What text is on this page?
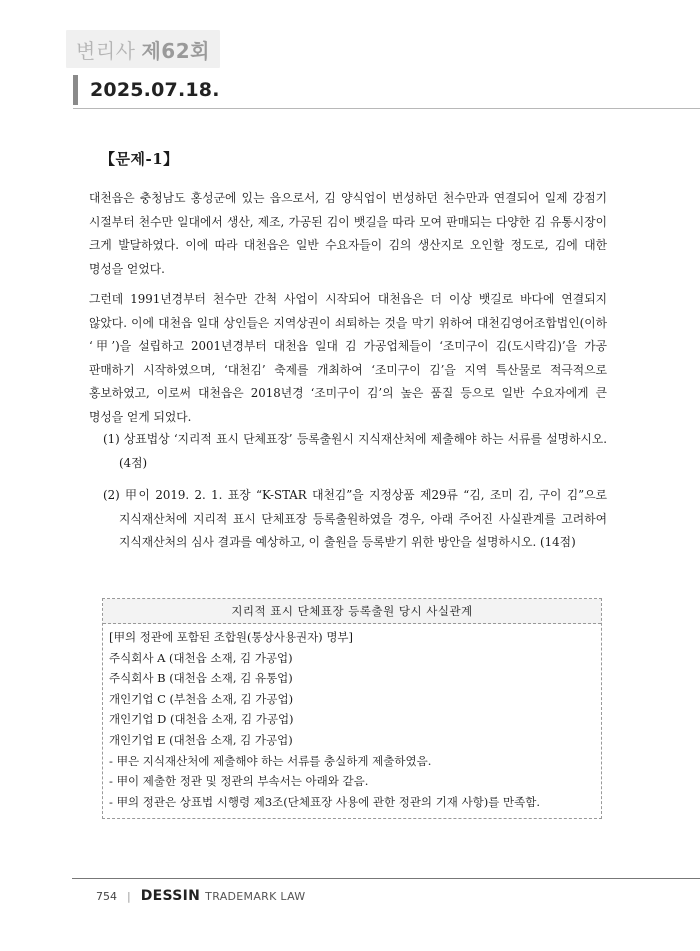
변리사 제62회
2025.07.18.
【문제-1】
대천읍은 충청남도 홍성군에 있는 읍으로서, 김 양식업이 번성하던 천수만과 연결되어 일제 강점기 시절부터 천수만 일대에서 생산, 제조, 가공된 김이 뱃길을 따라 모여 판매되는 다양한 김 유통시장이 크게 발달하였다. 이에 따라 대천읍은 일반 수요자들이 김의 생산지로 오인할 정도로, 김에 대한 명성을 얻었다.
그런데 1991년경부터 천수만 간척 사업이 시작되어 대천읍은 더 이상 뱃길로 바다에 연결되지 않았다. 이에 대천읍 일대 상인들은 지역상권이 쇠퇴하는 것을 막기 위하여 대천김영어조합법인(이하 ‘甲’)을 설립하고 2001년경부터 대천읍 일대 김 가공업체들이 ‘조미구이 김(도시락김)’을 가공 판매하기 시작하였으며, ‘대천김’ 축제를 개최하여 ‘조미구이 김’을 지역 특산물로 적극적으로 홍보하였고, 이로써 대천읍은 2018년경 ‘조미구이 김’의 높은 품질 등으로 일반 수요자에게 큰 명성을 얻게 되었다.
(1) 상표법상 ‘지리적 표시 단체표장’ 등록출원시 지식재산처에 제출해야 하는 서류를 설명하시오. (4점)
(2) 甲이 2019. 2. 1. 표장 “K-STAR 대천김”을 지정상품 제29류 “김, 조미 김, 구이 김”으로 지식재산처에 지리적 표시 단체표장 등록출원하였을 경우, 아래 주어진 사실관계를 고려하여 지식재산처의 심사 결과를 예상하고, 이 출원을 등록받기 위한 방안을 설명하시오. (14점)
지리적 표시 단체표장 등록출원 당시 사실관계
[甲의 정관에 포함된 조합원(통상사용권자) 명부]
주식회사 A (대천읍 소재, 김 가공업)
주식회사 B (대천읍 소재, 김 유통업)
개인기업 C (부천읍 소재, 김 가공업)
개인기업 D (대천읍 소재, 김 가공업)
개인기업 E (대천읍 소재, 김 가공업)
- 甲은 지식재산처에 제출해야 하는 서류를 충실하게 제출하였음.
- 甲이 제출한 정관 및 정관의 부속서는 아래와 같음.
- 甲의 정관은 상표법 시행령 제3조(단체표장 사용에 관한 정관의 기재 사항)를 만족함.
754 | DESSIN TRADEMARK LAW
